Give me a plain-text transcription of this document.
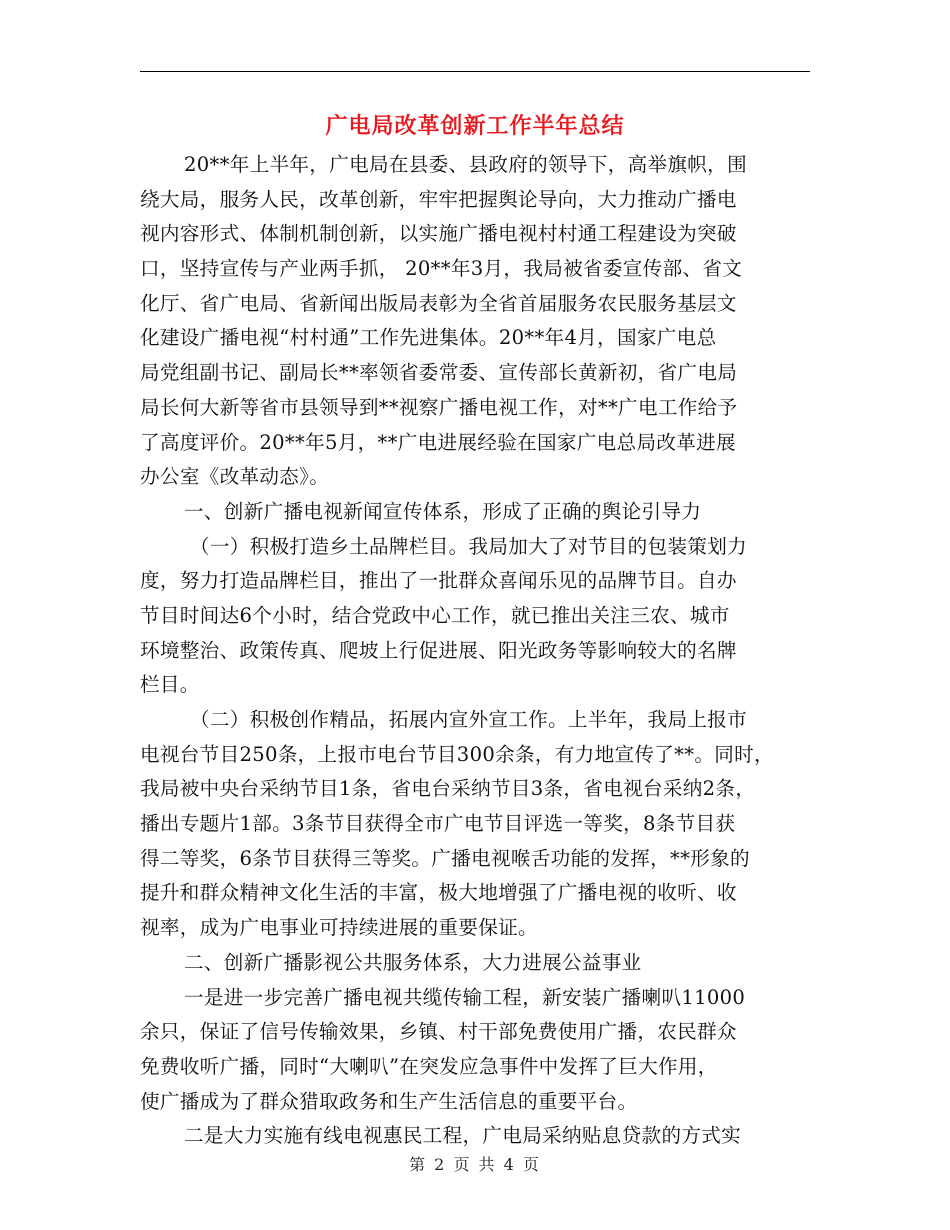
广电局改革创新工作半年总结
20**年上半年，广电局在县委、县政府的领导下，高举旗帜，围
绕大局，服务人民，改革创新，牢牢把握舆论导向，大力推动广播电
视内容形式、体制机制创新，以实施广播电视村村通工程建设为突破
口，坚持宣传与产业两手抓， 20**年3月，我局被省委宣传部、省文
化厅、省广电局、省新闻出版局表彰为全省首届服务农民服务基层文
化建设广播电视“村村通”工作先进集体。20**年4月，国家广电总
局党组副书记、副局长**率领省委常委、宣传部长黄新初，省广电局
局长何大新等省市县领导到**视察广播电视工作，对**广电工作给予
了高度评价。20**年5月，**广电进展经验在国家广电总局改革进展
办公室《改革动态》。
一、创新广播电视新闻宣传体系，形成了正确的舆论引导力
（一）积极打造乡土品牌栏目。我局加大了对节目的包装策划力
度，努力打造品牌栏目，推出了一批群众喜闻乐见的品牌节目。自办
节目时间达6个小时，结合党政中心工作，就已推出关注三农、城市
环境整治、政策传真、爬坡上行促进展、阳光政务等影响较大的名牌
栏目。
（二）积极创作精品，拓展内宣外宣工作。上半年，我局上报市
电视台节目250条，上报市电台节目300余条，有力地宣传了**。同时，
我局被中央台采纳节目1条，省电台采纳节目3条，省电视台采纳2条，
播出专题片1部。3条节目获得全市广电节目评选一等奖，8条节目获
得二等奖，6条节目获得三等奖。广播电视喉舌功能的发挥，**形象的
提升和群众精神文化生活的丰富，极大地增强了广播电视的收听、收
视率，成为广电事业可持续进展的重要保证。
二、创新广播影视公共服务体系，大力进展公益事业
一是进一步完善广播电视共缆传输工程，新安装广播喇叭11000
余只，保证了信号传输效果，乡镇、村干部免费使用广播，农民群众
免费收听广播，同时“大喇叭”在突发应急事件中发挥了巨大作用，
使广播成为了群众猎取政务和生产生活信息的重要平台。
二是大力实施有线电视惠民工程，广电局采纳贴息贷款的方式实
第 2 页 共 4 页
